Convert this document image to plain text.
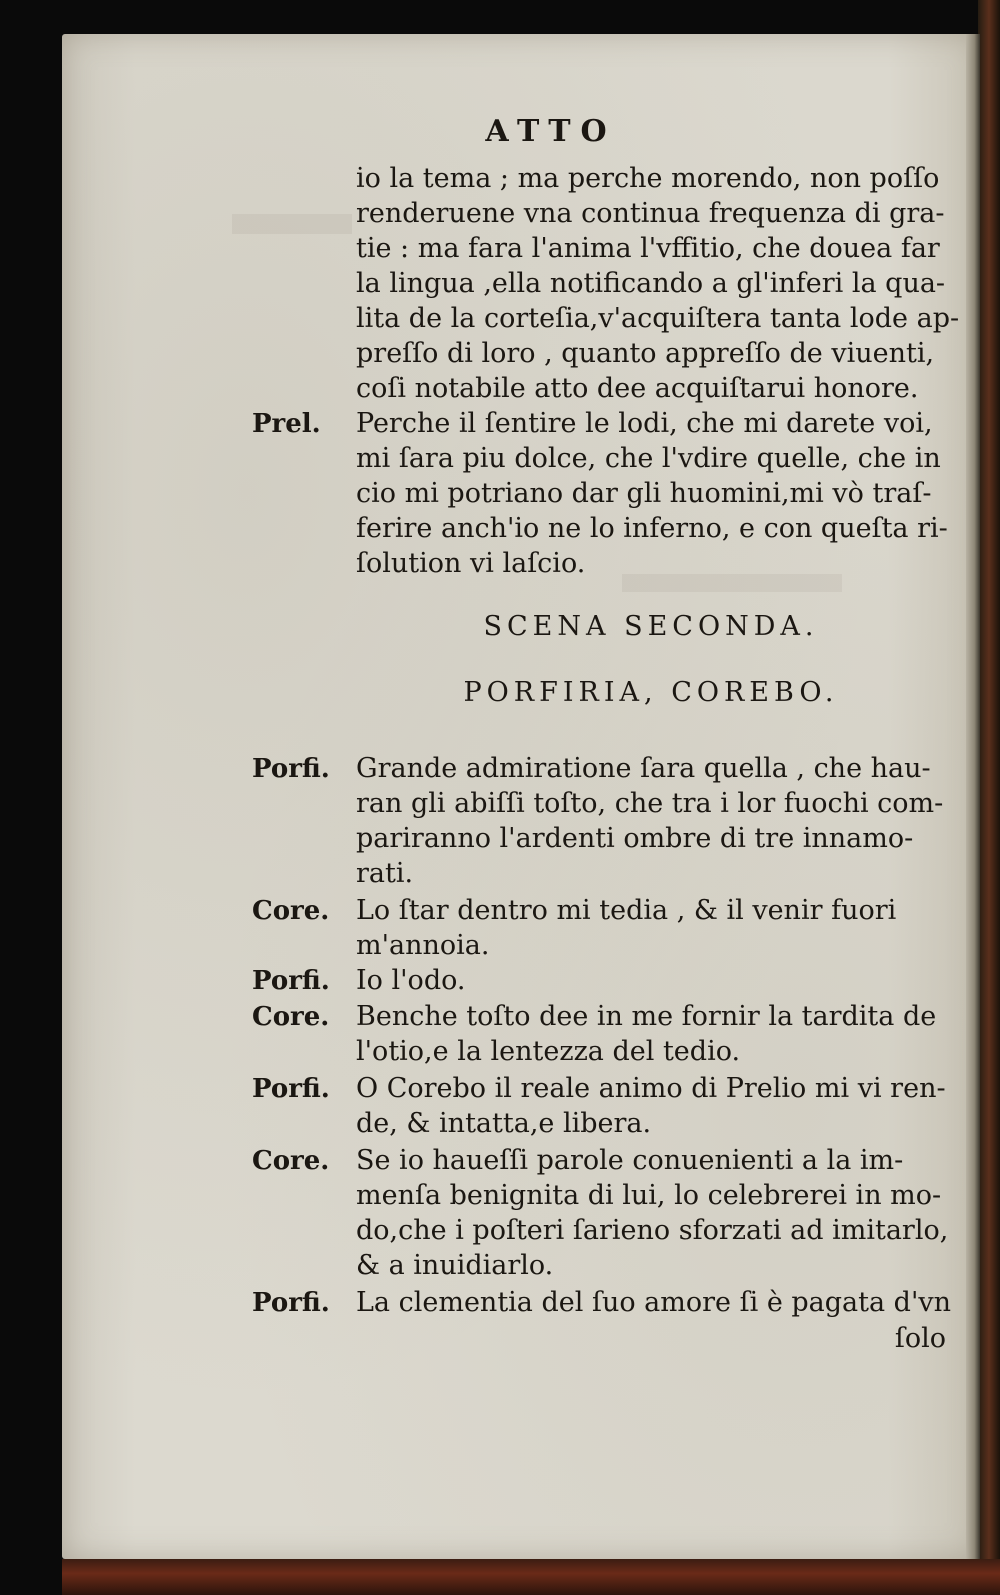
ATTO
io la tema ; ma perche morendo, non poſſo
renderuene vna continua frequenza di gra-
tie : ma fara l'anima l'vffitio, che douea far
la lingua ,ella notificando a gl'inferi la qua-
lita de la corteſia,v'acquiſtera tanta lode ap-
preſſo di loro , quanto appreſſo de viuenti,
coſi notabile atto dee acquiſtarui honore.
Prel. Perche il ſentire le lodi, che mi darete voi,
mi ſara piu dolce, che l'vdire quelle, che in
cio mi potriano dar gli huomini,mi vò traſ-
ferire anch'io ne lo inferno, e con queſta ri-
ſolution vi laſcio.
SCENA SECONDA.
PORFIRIA, COREBO.
Porfi. Grande admiratione ſara quella , che hau-
ran gli abiſſi toſto, che tra i lor fuochi com-
pariranno l'ardenti ombre di tre innamo-
rati.
Core. Lo ſtar dentro mi tedia , & il venir fuori
m'annoia.
Porfi. Io l'odo.
Core. Benche toſto dee in me fornir la tardita de
l'otio,e la lentezza del tedio.
Porfi. O Corebo il reale animo di Prelio mi vi ren-
de, & intatta,e libera.
Core. Se io haueſſi parole conuenienti a la im-
menſa benignita di lui, lo celebrerei in mo-
do,che i poſteri ſarieno sforzati ad imitarlo,
& a inuidiarlo.
Porfi. La clementia del ſuo amore ſi è pagata d'vn
ſolo
